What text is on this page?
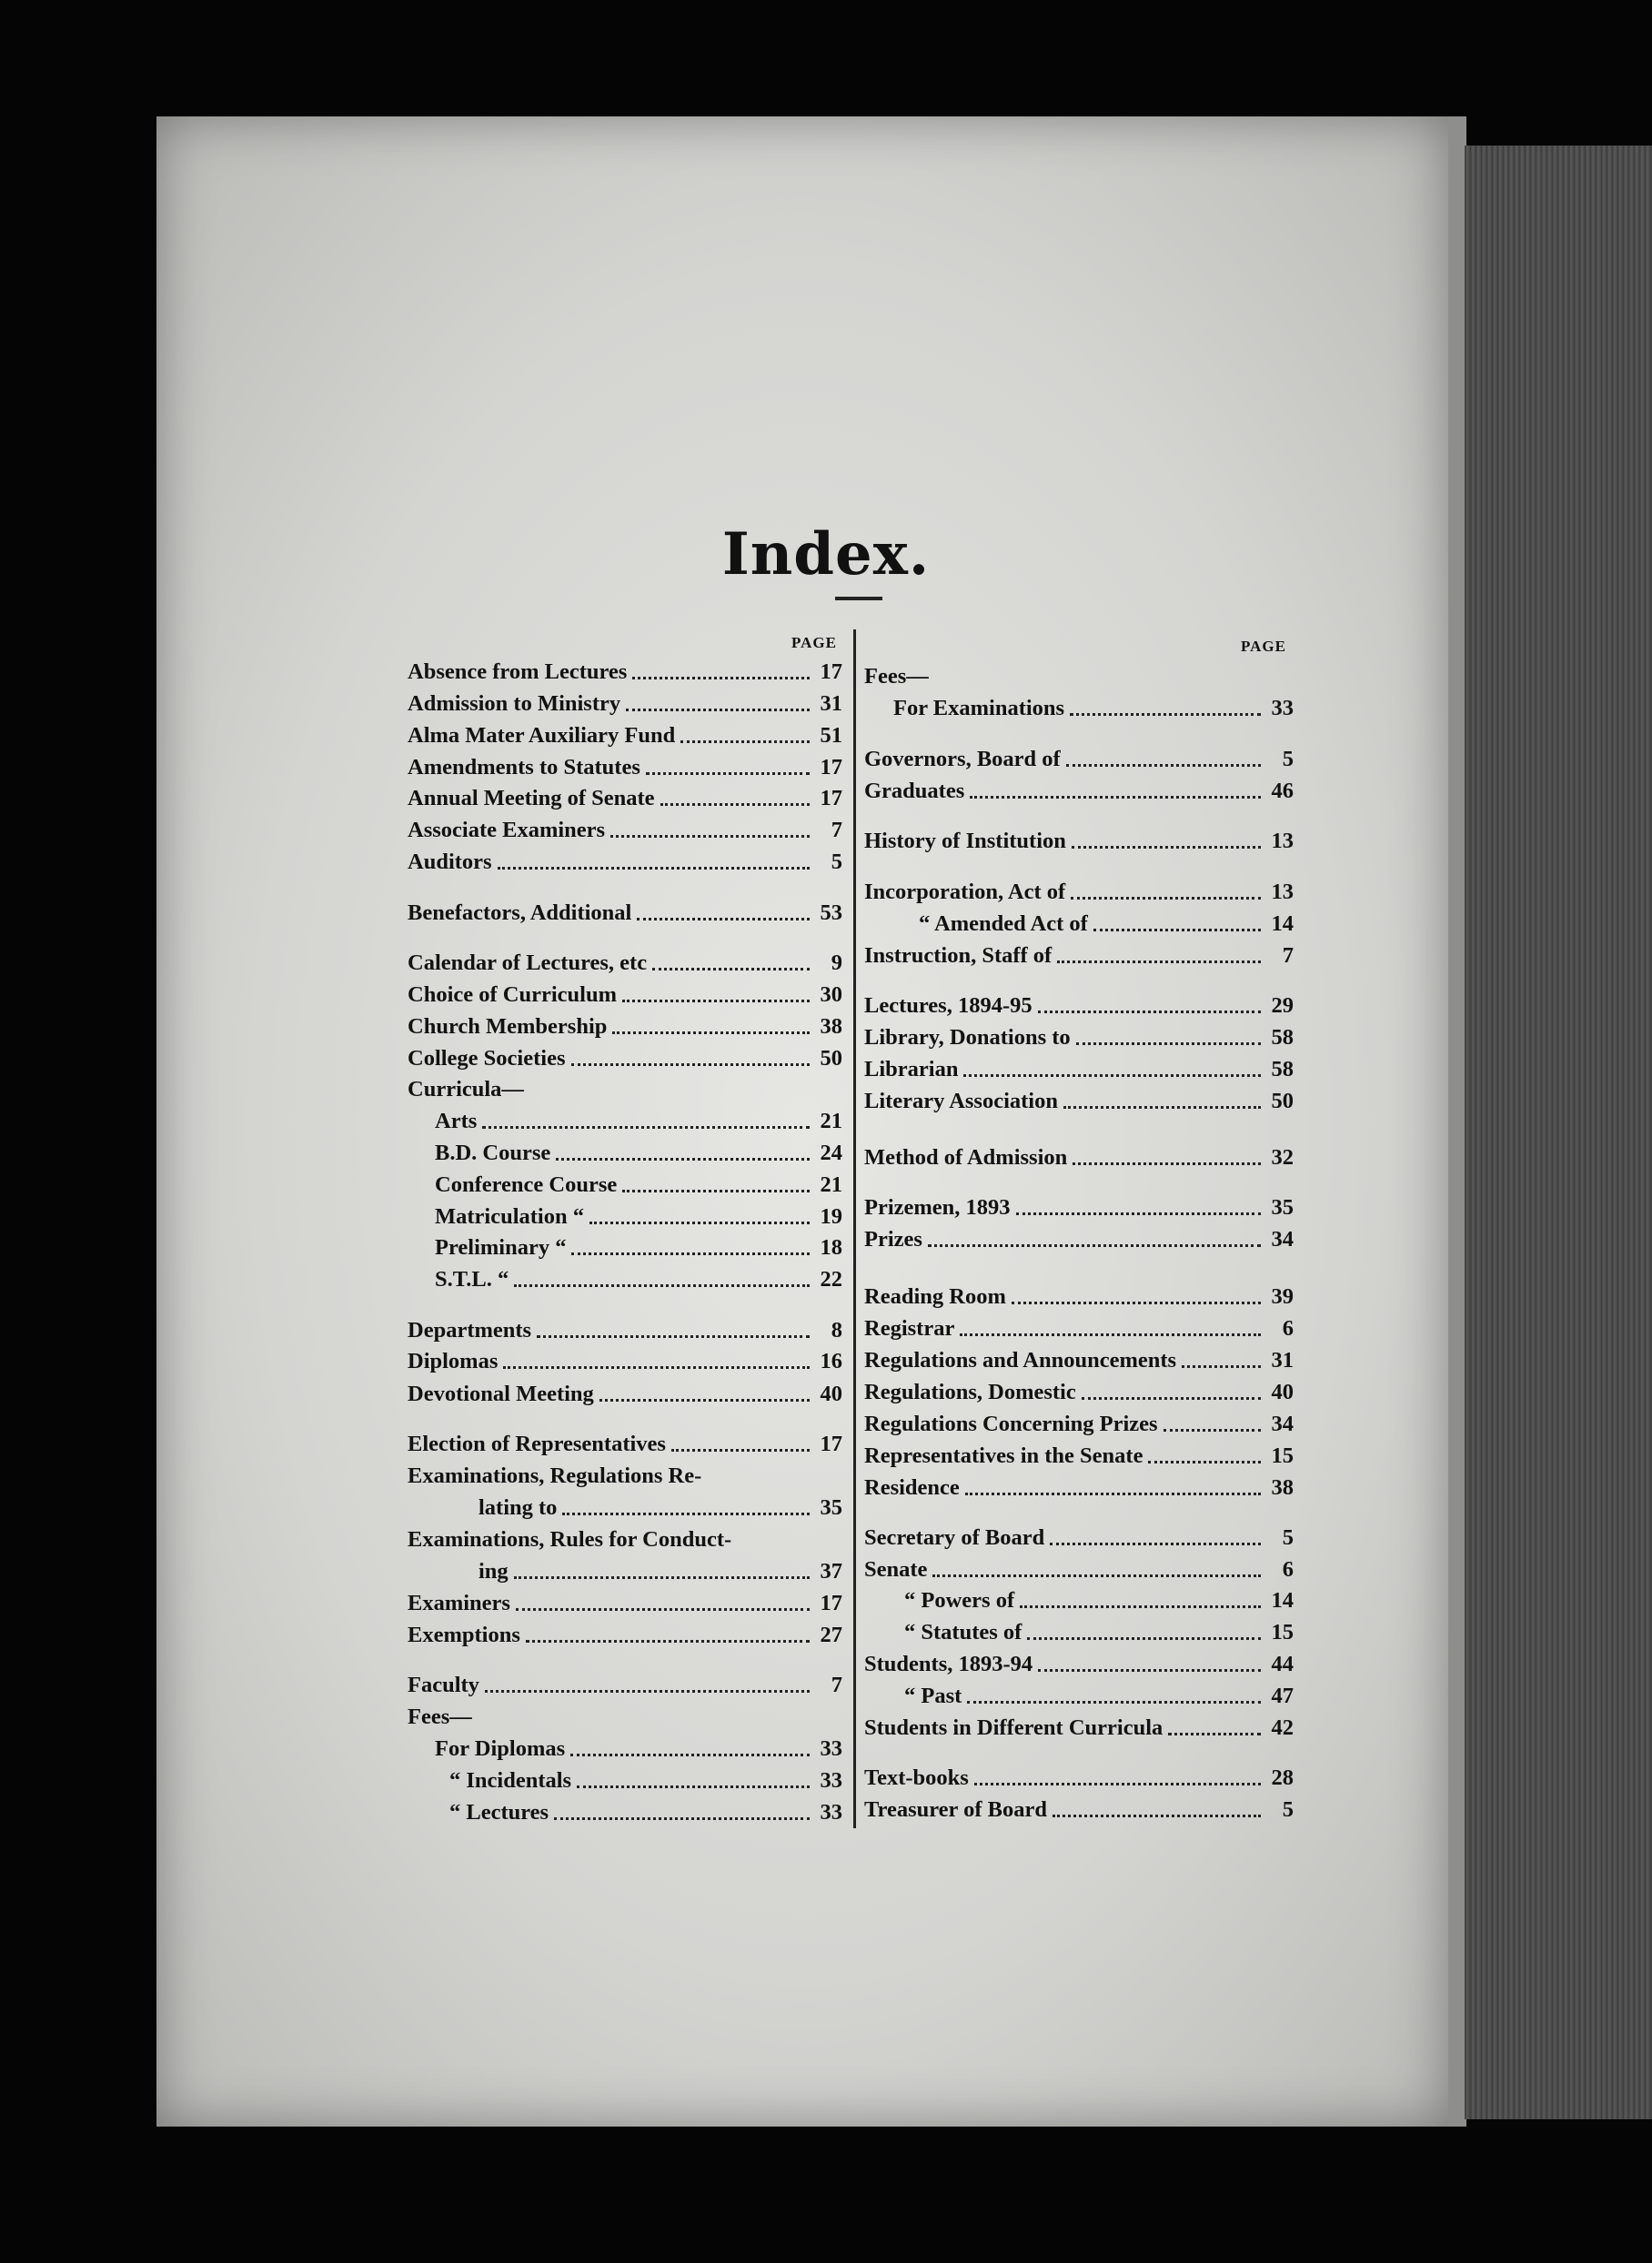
Index.
PAGE	PAGE
Absence from Lectures	17
Admission to Ministry	31
Alma Mater Auxiliary Fund	51
Amendments to Statutes	17
Annual Meeting of Senate	17
Associate Examiners	7
Auditors	5
Benefactors, Additional	53
Calendar of Lectures, etc	9
Choice of Curriculum	30
Church Membership	38
College Societies	50
Curricula—
Arts	21
B.D. Course	24
Conference Course	21
Matriculation “	19
Preliminary “	18
S.T.L. “	22
Departments	8
Diplomas	16
Devotional Meeting	40
Election of Representatives	17
Examinations, Regulations Re-
lating to	35
Examinations, Rules for Conduct-
ing	37
Examiners	17
Exemptions	27
Faculty	7
Fees—
For Diplomas	33
“ Incidentals	33
“ Lectures	33
Fees—
For Examinations	33
Governors, Board of	5
Graduates	46
History of Institution	13
Incorporation, Act of	13
“ Amended Act of	14
Instruction, Staff of	7
Lectures, 1894-95	29
Library, Donations to	58
Librarian	58
Literary Association	50
Method of Admission	32
Prizemen, 1893	35
Prizes	34
Reading Room	39
Registrar	6
Regulations and Announcements	31
Regulations, Domestic	40
Regulations Concerning Prizes	34
Representatives in the Senate	15
Residence	38
Secretary of Board	5
Senate	6
“ Powers of	14
“ Statutes of	15
Students, 1893-94	44
“ Past	47
Students in Different Curricula	42
Text-books	28
Treasurer of Board	5
